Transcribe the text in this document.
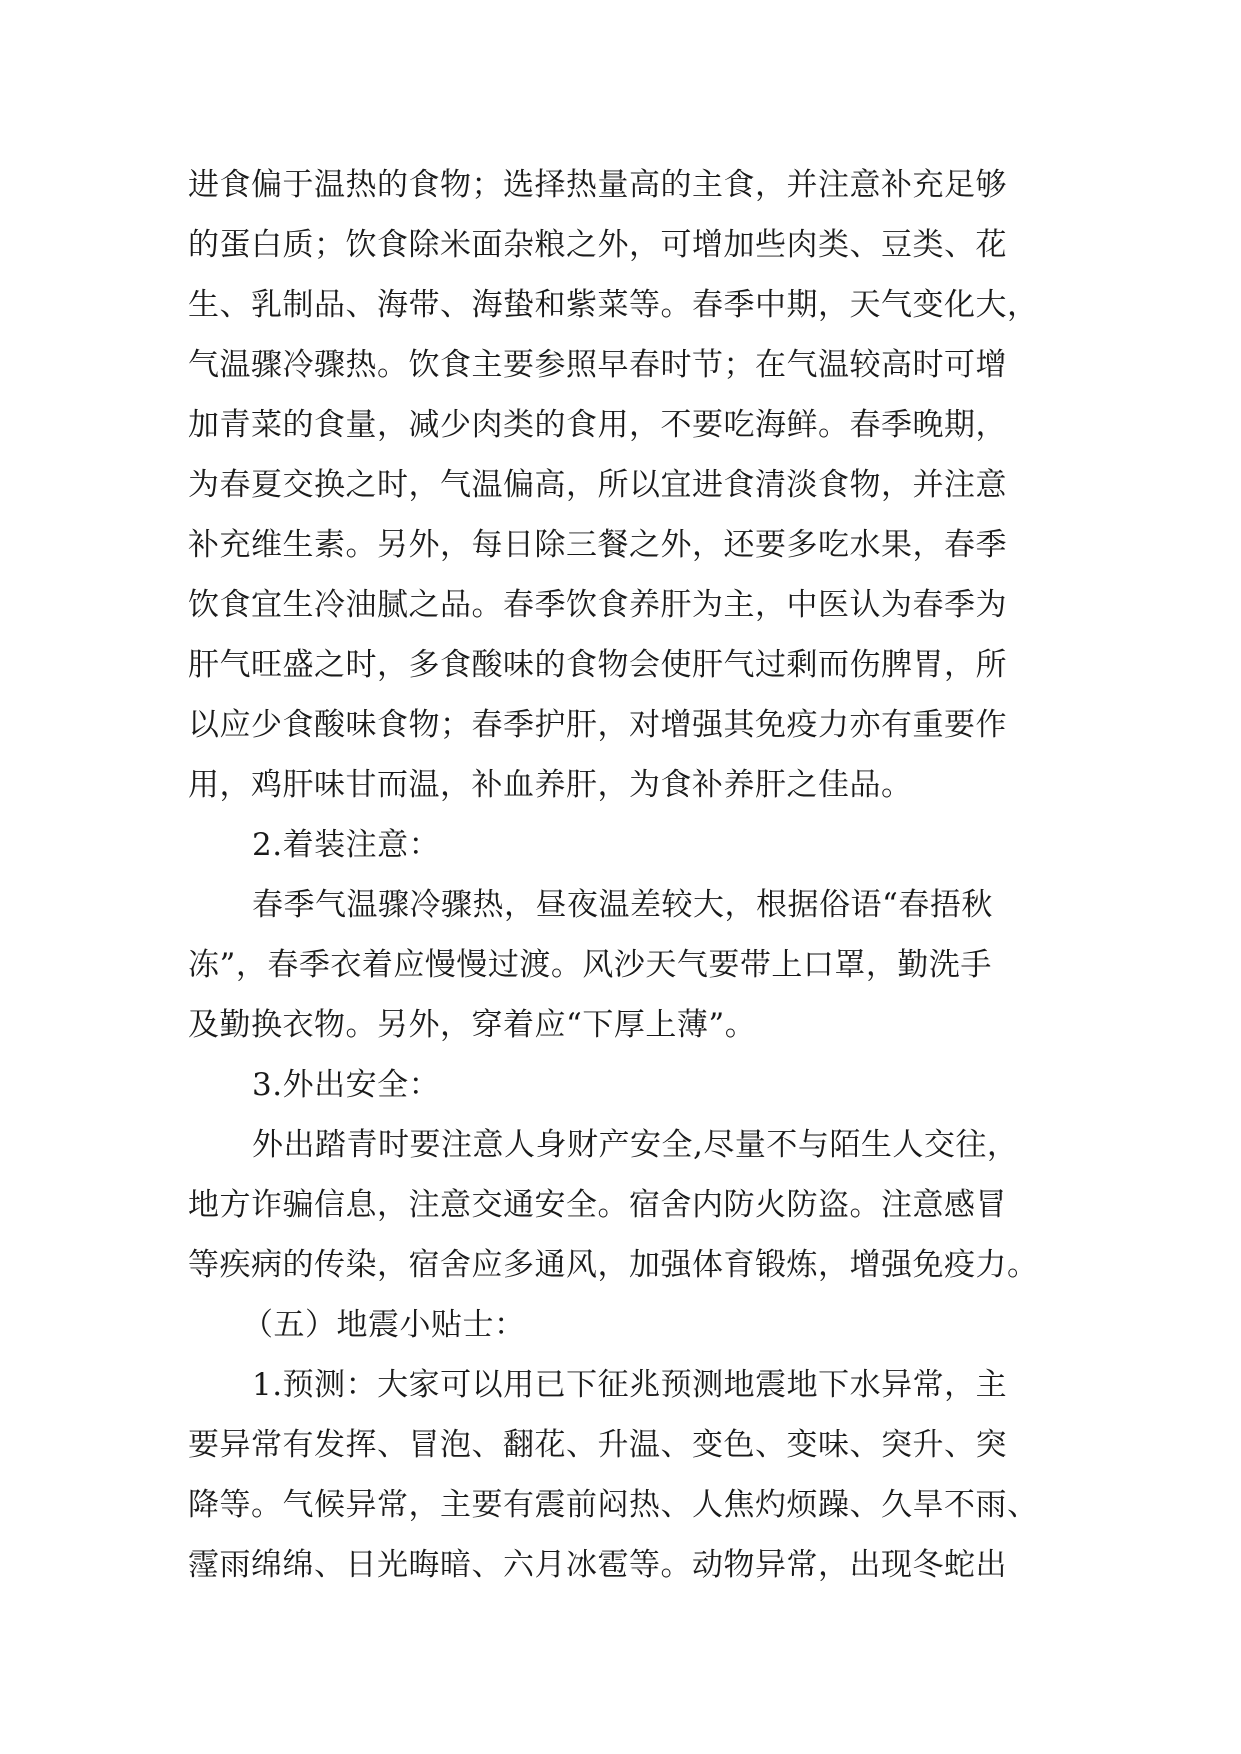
进食偏于温热的食物；选择热量高的主食，并注意补充足够
的蛋白质；饮食除米面杂粮之外，可增加些肉类、豆类、花
生、乳制品、海带、海蛰和紫菜等。春季中期，天气变化大，
气温骤冷骤热。饮食主要参照早春时节；在气温较高时可增
加青菜的食量，减少肉类的食用，不要吃海鲜。春季晚期，
为春夏交换之时，气温偏高，所以宜进食清淡食物，并注意
补充维生素。另外，每日除三餐之外，还要多吃水果，春季
饮食宜生冷油腻之品。春季饮食养肝为主，中医认为春季为
肝气旺盛之时，多食酸味的食物会使肝气过剩而伤脾胃，所
以应少食酸味食物；春季护肝，对增强其免疫力亦有重要作
用，鸡肝味甘而温，补血养肝，为食补养肝之佳品。
2.着装注意：
春季气温骤冷骤热，昼夜温差较大，根据俗语“春捂秋
冻”，春季衣着应慢慢过渡。风沙天气要带上口罩，勤洗手
及勤换衣物。另外，穿着应“下厚上薄”。
3.外出安全：
外出踏青时要注意人身财产安全,尽量不与陌生人交往，
地方诈骗信息，注意交通安全。宿舍内防火防盗。注意感冒
等疾病的传染，宿舍应多通风，加强体育锻炼，增强免疫力。
（五）地震小贴士：
1.预测：大家可以用已下征兆预测地震地下水异常，主
要异常有发挥、冒泡、翻花、升温、变色、变味、突升、突
降等。气候异常，主要有震前闷热、人焦灼烦躁、久旱不雨、
霪雨绵绵、日光晦暗、六月冰雹等。动物异常，出现冬蛇出
